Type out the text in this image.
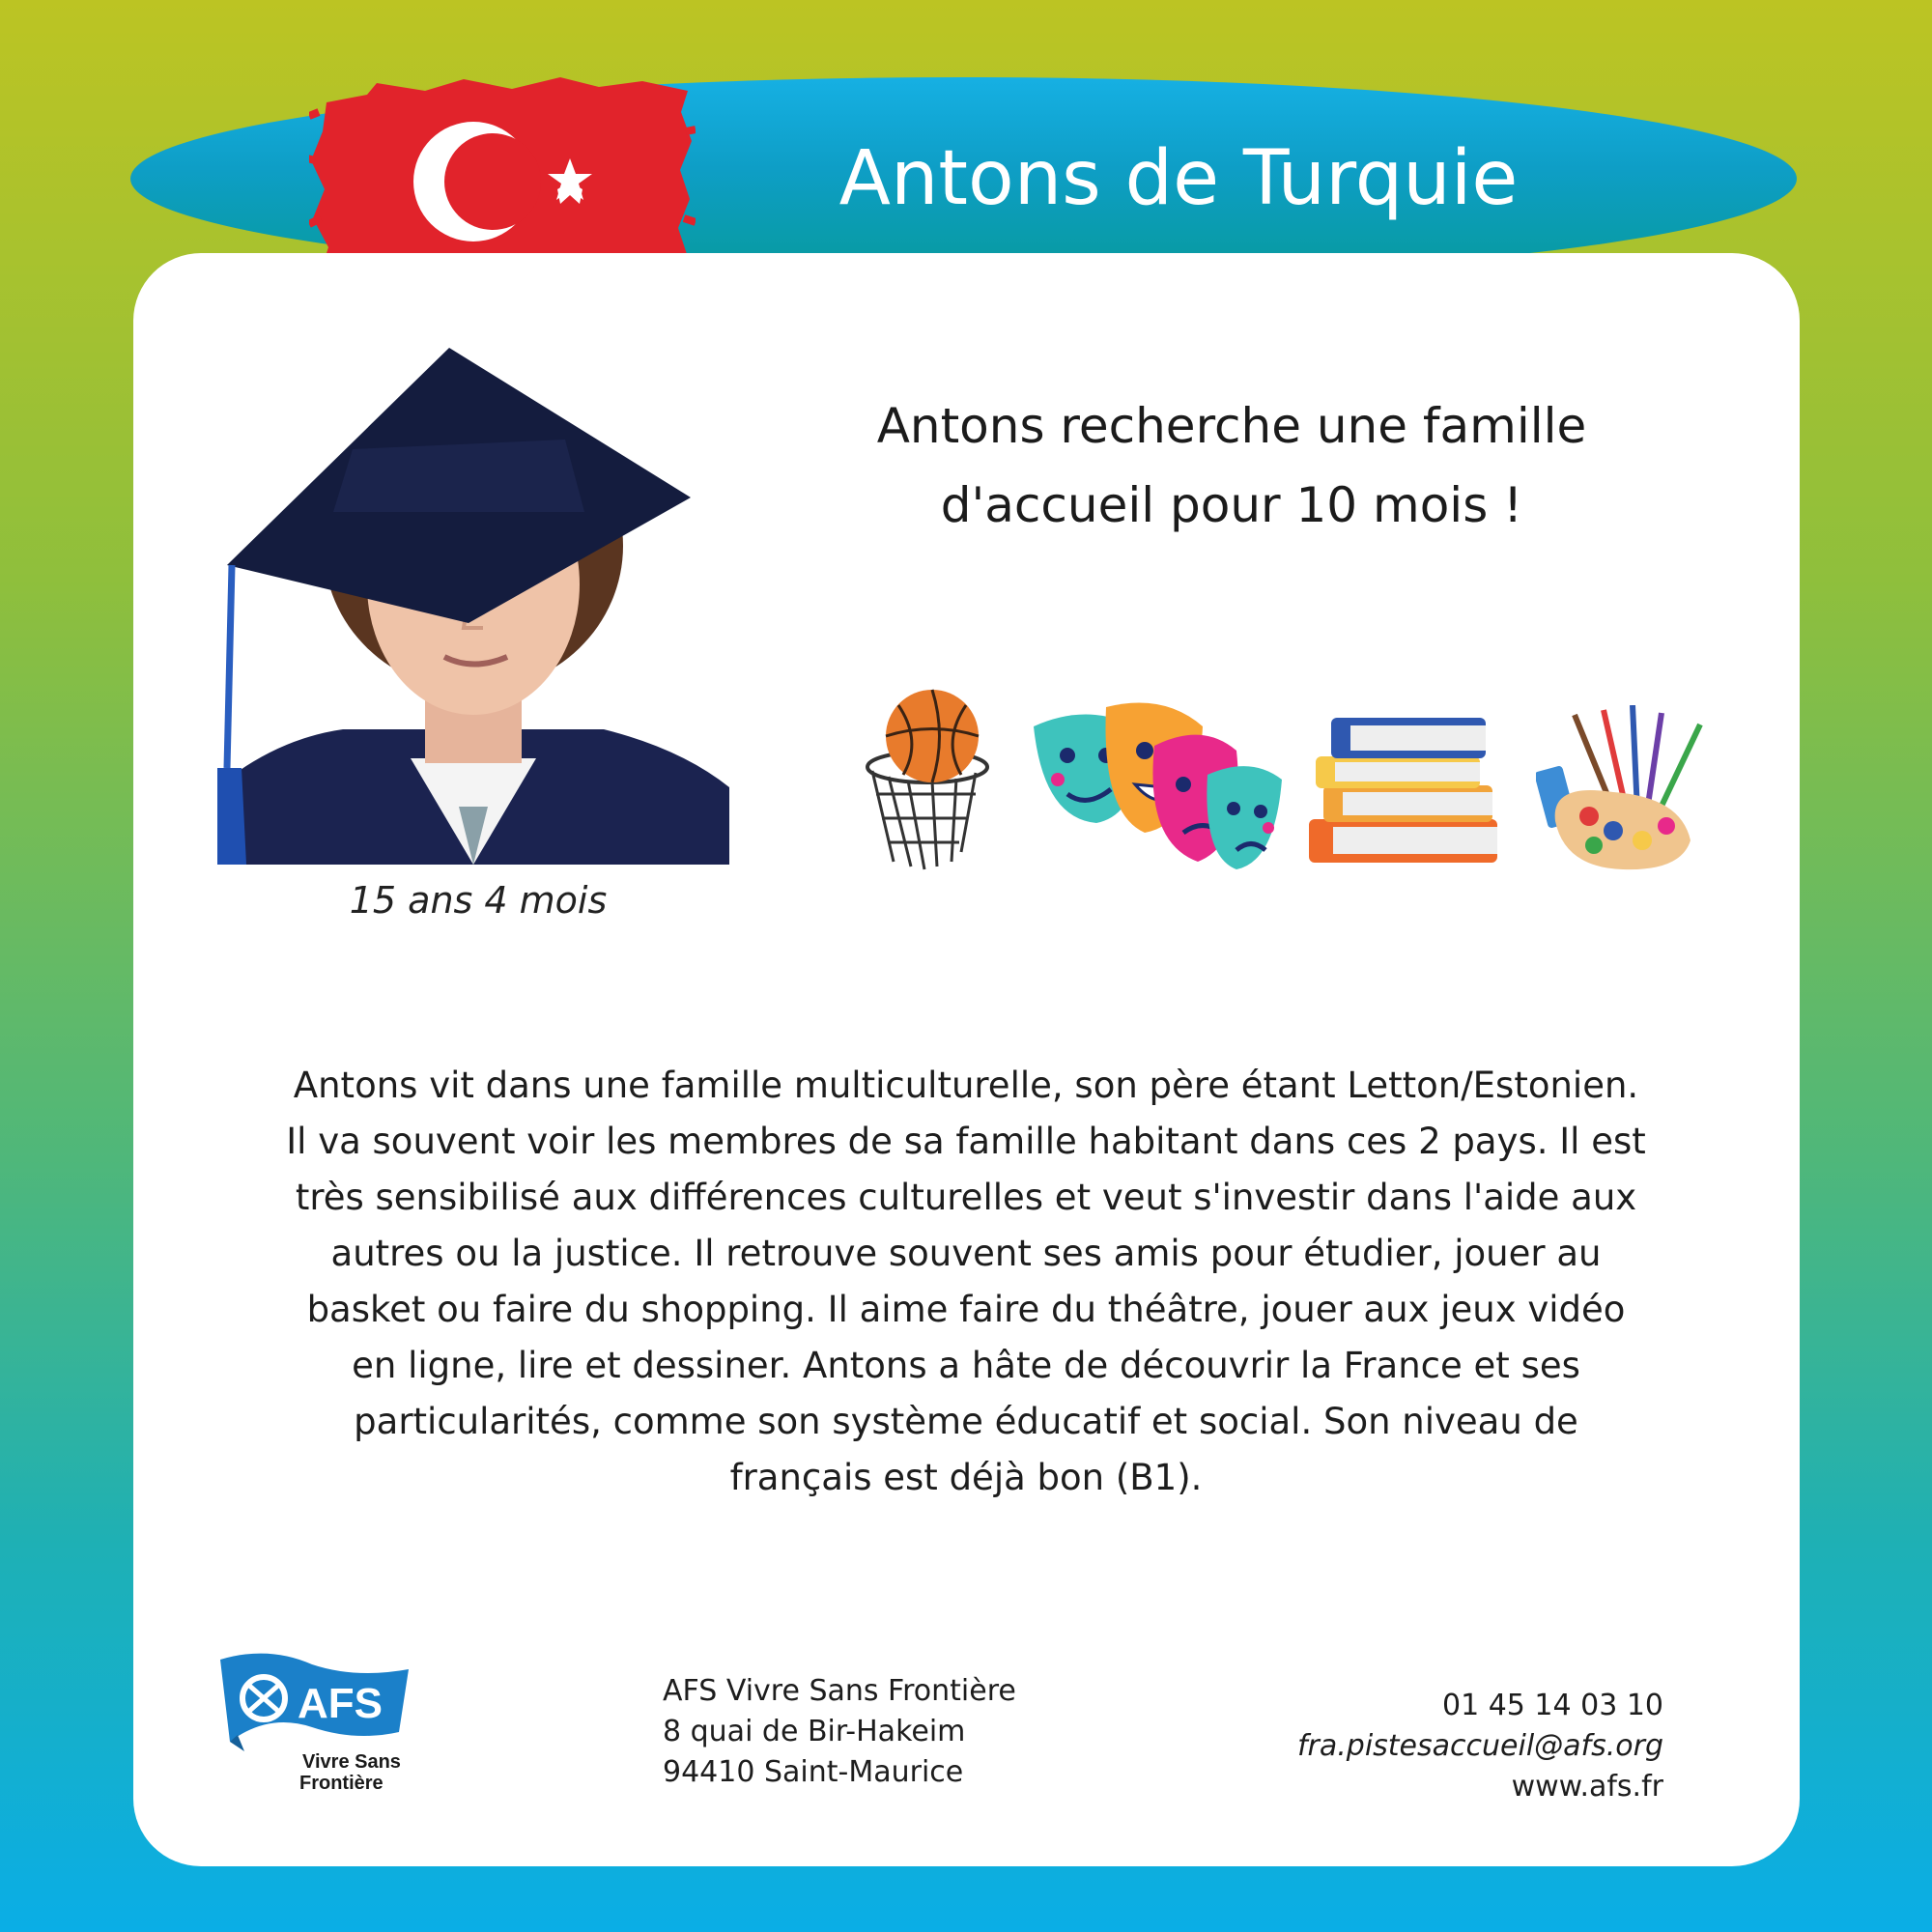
Antons de Turquie
15 ans 4 mois
Antons recherche une famille
d'accueil pour 10 mois !
Antons vit dans une famille multiculturelle, son père étant Letton/Estonien.
Il va souvent voir les membres de sa famille habitant dans ces 2 pays. Il est
très sensibilisé aux différences culturelles et veut s'investir dans l'aide aux
autres ou la justice. Il retrouve souvent ses amis pour étudier, jouer au
basket ou faire du shopping. Il aime faire du théâtre, jouer aux jeux vidéo
en ligne, lire et dessiner. Antons a hâte de découvrir la France et ses
particularités, comme son système éducatif et social. Son niveau de
français est déjà bon (B1).
AFS
Vivre Sans
Frontière
AFS Vivre Sans Frontière
8 quai de Bir-Hakeim
94410 Saint-Maurice
01 45 14 03 10
fra.pistesaccueil@afs.org
www.afs.fr
